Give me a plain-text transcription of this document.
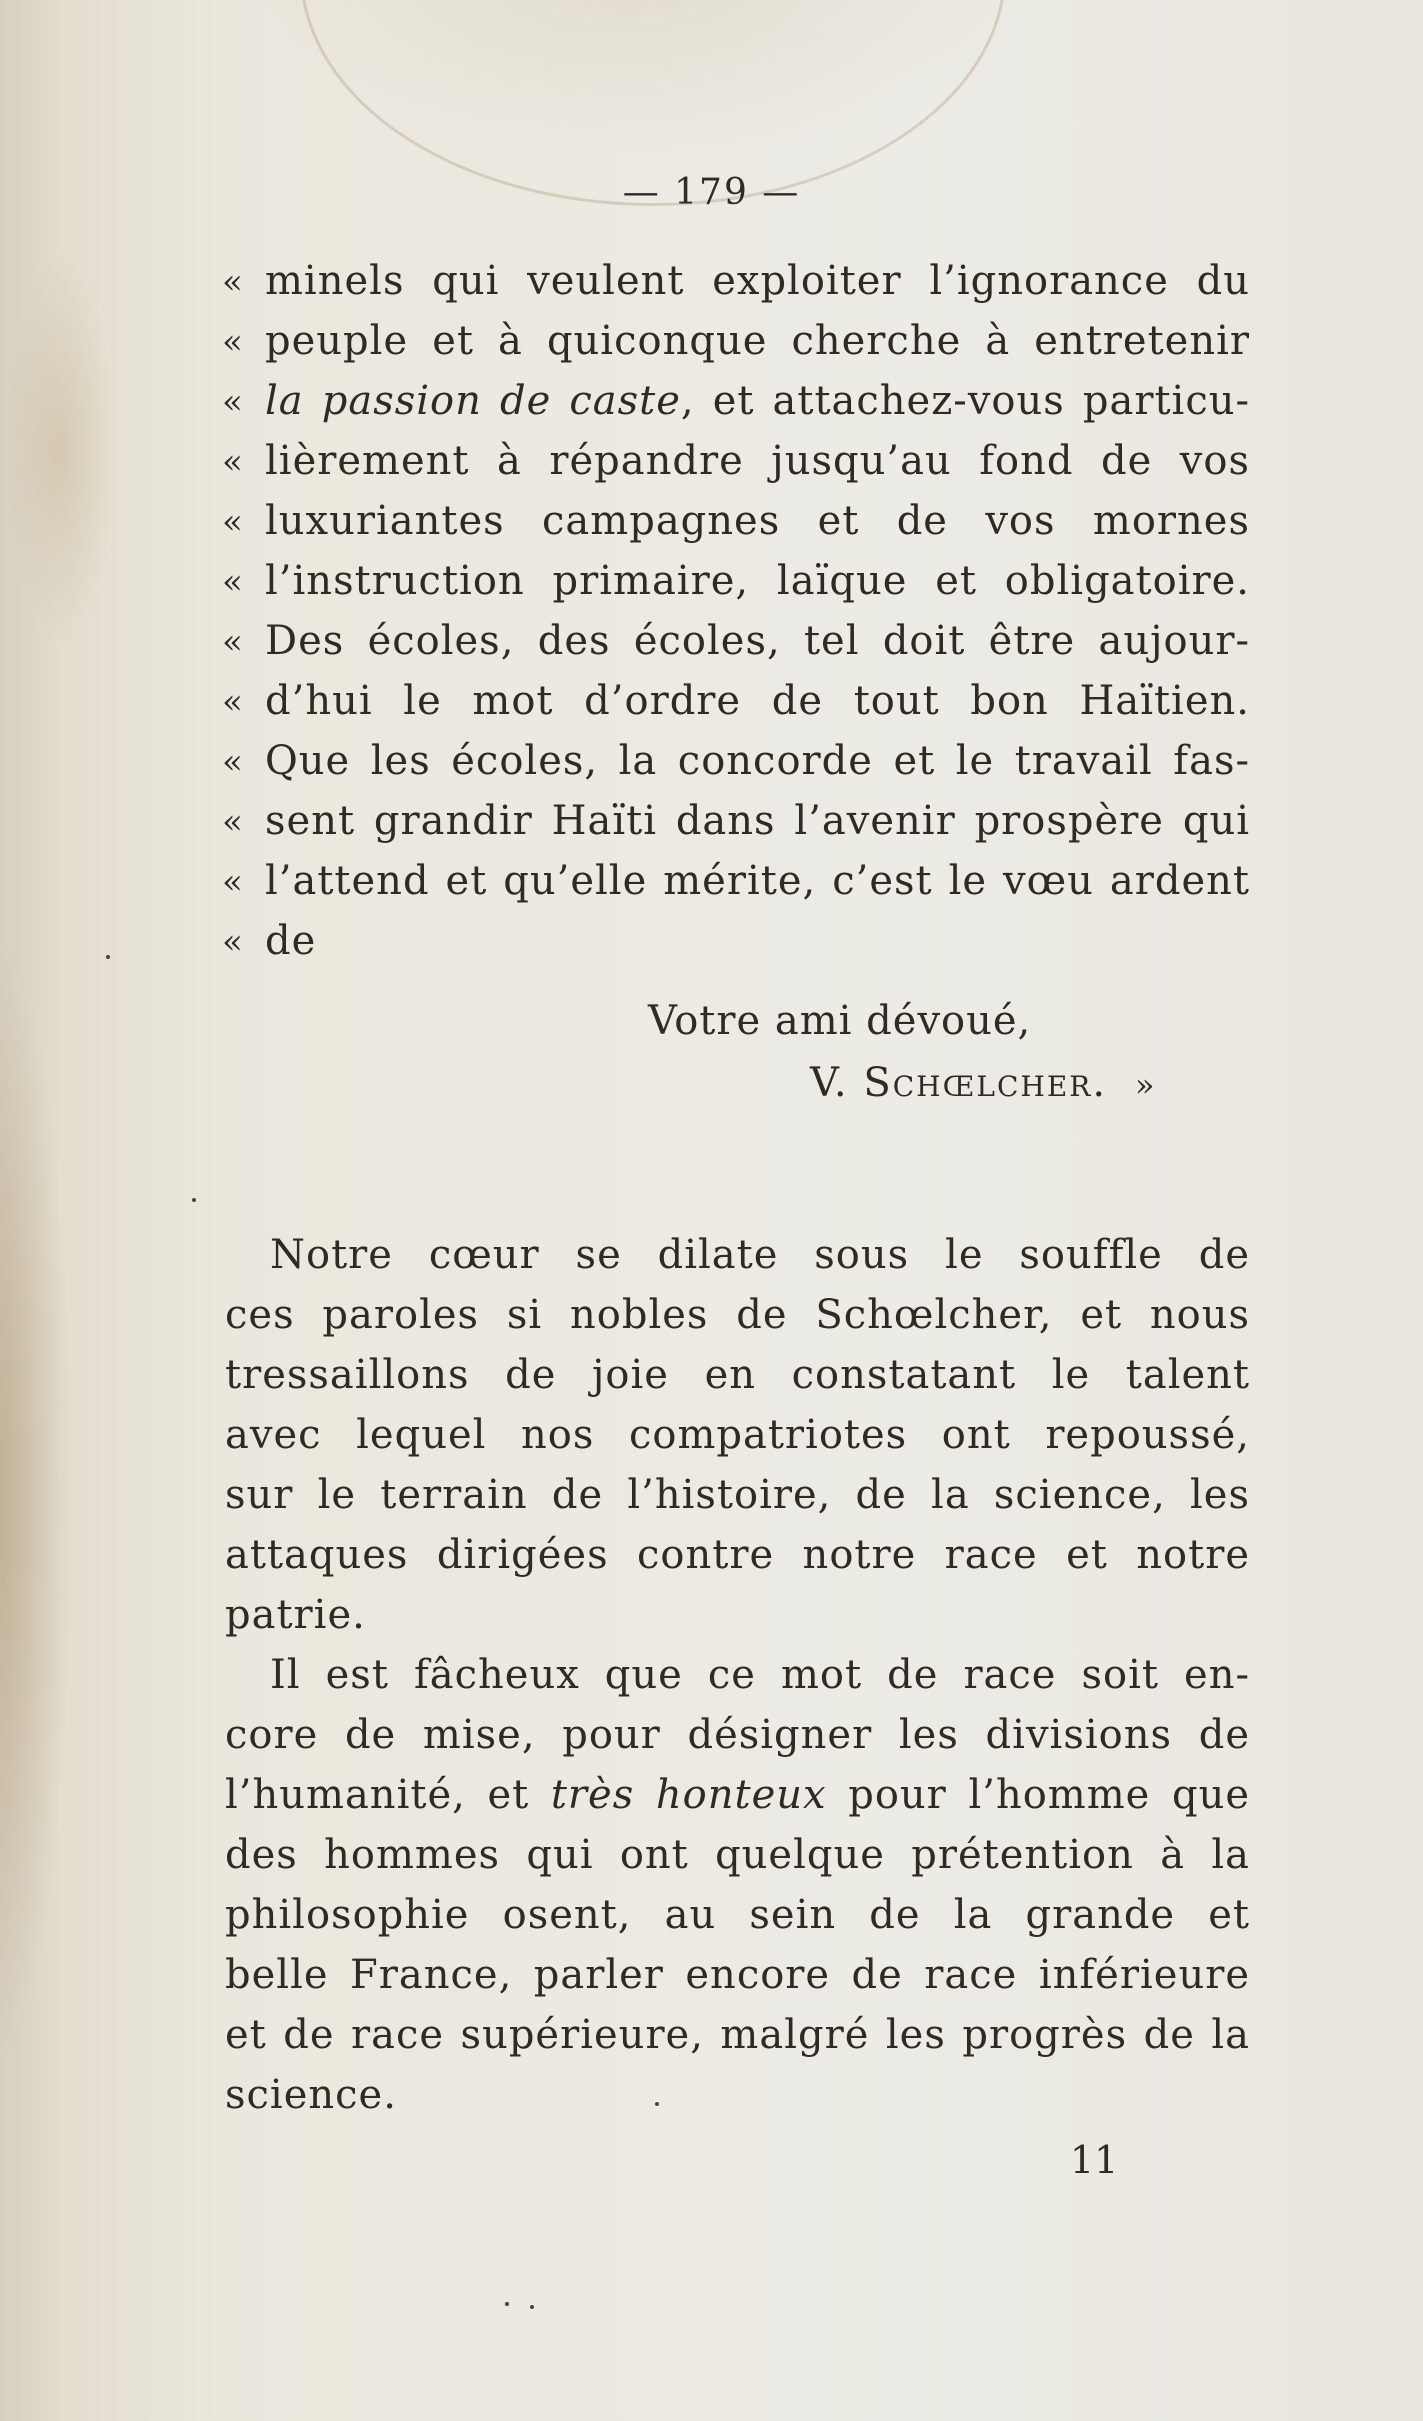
— 179 —
« minels qui veulent exploiter l’ignorance du
« peuple et à quiconque cherche à entretenir
« la passion de caste, et attachez-vous particu-
« lièrement à répandre jusqu’au fond de vos
« luxuriantes campagnes et de vos mornes
« l’instruction primaire, laïque et obligatoire.
« Des écoles, des écoles, tel doit être aujour-
« d’hui le mot d’ordre de tout bon Haïtien.
« Que les écoles, la concorde et le travail fas-
« sent grandir Haïti dans l’avenir prospère qui
« l’attend et qu’elle mérite, c’est le vœu ardent
« de
Votre ami dévoué,
V. Schœlcher. »
Notre cœur se dilate sous le souffle de
ces paroles si nobles de Schœlcher, et nous
tressaillons de joie en constatant le talent
avec lequel nos compatriotes ont repoussé,
sur le terrain de l’histoire, de la science, les
attaques dirigées contre notre race et notre
patrie.
Il est fâcheux que ce mot de race soit en-
core de mise, pour désigner les divisions de
l’humanité, et très honteux pour l’homme que
des hommes qui ont quelque prétention à la
philosophie osent, au sein de la grande et
belle France, parler encore de race inférieure
et de race supérieure, malgré les progrès de la
science.
11
